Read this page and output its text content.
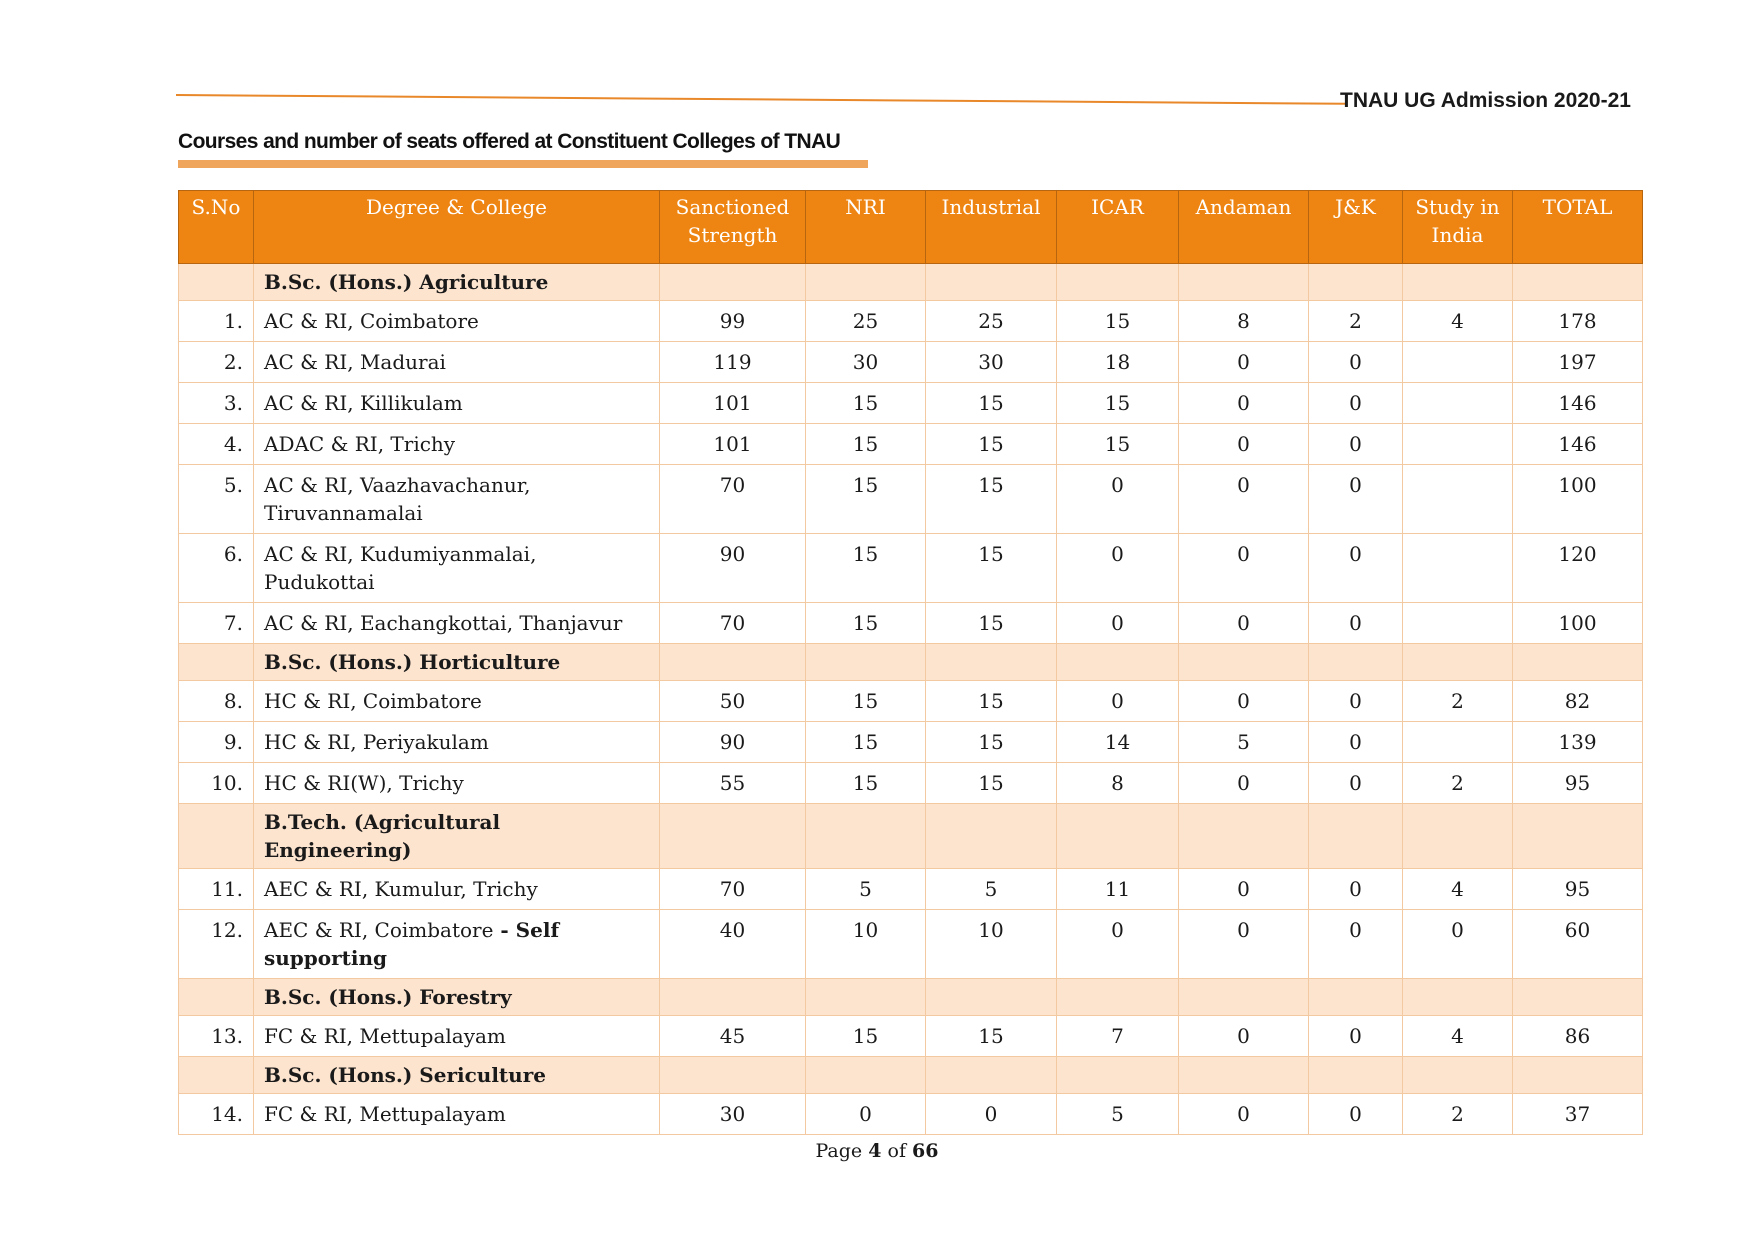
TNAU UG Admission 2020-21
Courses and number of seats offered at Constituent Colleges of TNAU
S.No	Degree & College	Sanctioned Strength	NRI	Industrial	ICAR	Andaman	J&K	Study in India	TOTAL
	B.Sc. (Hons.) Agriculture								
1.	AC & RI, Coimbatore	99	25	25	15	8	2	4	178
2.	AC & RI, Madurai	119	30	30	18	0	0		197
3.	AC & RI, Killikulam	101	15	15	15	0	0		146
4.	ADAC & RI, Trichy	101	15	15	15	0	0		146
5.	AC & RI, Vaazhavachanur, Tiruvannamalai	70	15	15	0	0	0		100
6.	AC & RI, Kudumiyanmalai, Pudukottai	90	15	15	0	0	0		120
7.	AC & RI, Eachangkottai, Thanjavur	70	15	15	0	0	0		100
	B.Sc. (Hons.) Horticulture								
8.	HC & RI, Coimbatore	50	15	15	0	0	0	2	82
9.	HC & RI, Periyakulam	90	15	15	14	5	0		139
10.	HC & RI(W), Trichy	55	15	15	8	0	0	2	95
	B.Tech. (Agricultural Engineering)								
11.	AEC & RI, Kumulur, Trichy	70	5	5	11	0	0	4	95
12.	AEC & RI, Coimbatore - Self supporting	40	10	10	0	0	0	0	60
	B.Sc. (Hons.) Forestry								
13.	FC & RI, Mettupalayam	45	15	15	7	0	0	4	86
	B.Sc. (Hons.) Sericulture								
14.	FC & RI, Mettupalayam	30	0	0	5	0	0	2	37
Page 4 of 66
